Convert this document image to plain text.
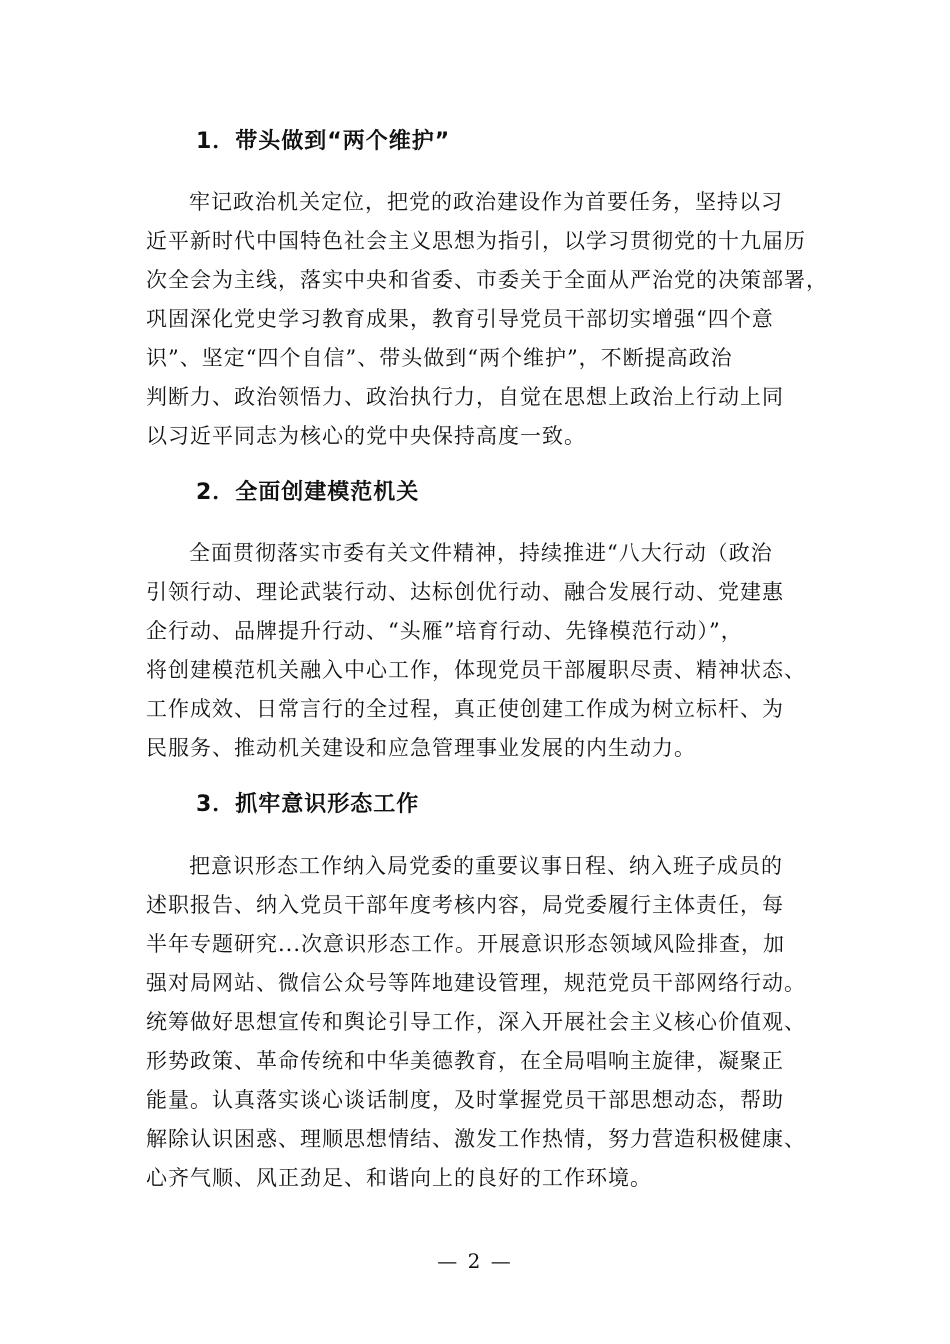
1．带头做到“两个维护”
牢记政治机关定位，把党的政治建设作为首要任务，坚持以习
近平新时代中国特色社会主义思想为指引，以学习贯彻党的十九届历
次全会为主线，落实中央和省委、市委关于全面从严治党的决策部署，
巩固深化党史学习教育成果，教育引导党员干部切实增强“四个意
识”、坚定“四个自信”、带头做到“两个维护”，不断提高政治
判断力、政治领悟力、政治执行力，自觉在思想上政治上行动上同
以习近平同志为核心的党中央保持高度一致。
2．全面创建模范机关
全面贯彻落实市委有关文件精神，持续推进“八大行动（政治
引领行动、理论武装行动、达标创优行动、融合发展行动、党建惠
企行动、品牌提升行动、“头雁”培育行动、先锋模范行动）”，
将创建模范机关融入中心工作，体现党员干部履职尽责、精神状态、
工作成效、日常言行的全过程，真正使创建工作成为树立标杆、为
民服务、推动机关建设和应急管理事业发展的内生动力。
3．抓牢意识形态工作
把意识形态工作纳入局党委的重要议事日程、纳入班子成员的
述职报告、纳入党员干部年度考核内容，局党委履行主体责任，每
半年专题研究...次意识形态工作。开展意识形态领域风险排查，加
强对局网站、微信公众号等阵地建设管理，规范党员干部网络行动。
统筹做好思想宣传和舆论引导工作，深入开展社会主义核心价值观、
形势政策、革命传统和中华美德教育，在全局唱响主旋律，凝聚正
能量。认真落实谈心谈话制度，及时掌握党员干部思想动态，帮助
解除认识困惑、理顺思想情结、激发工作热情，努力营造积极健康、
心齐气顺、风正劲足、和谐向上的良好的工作环境。
— 2 —
